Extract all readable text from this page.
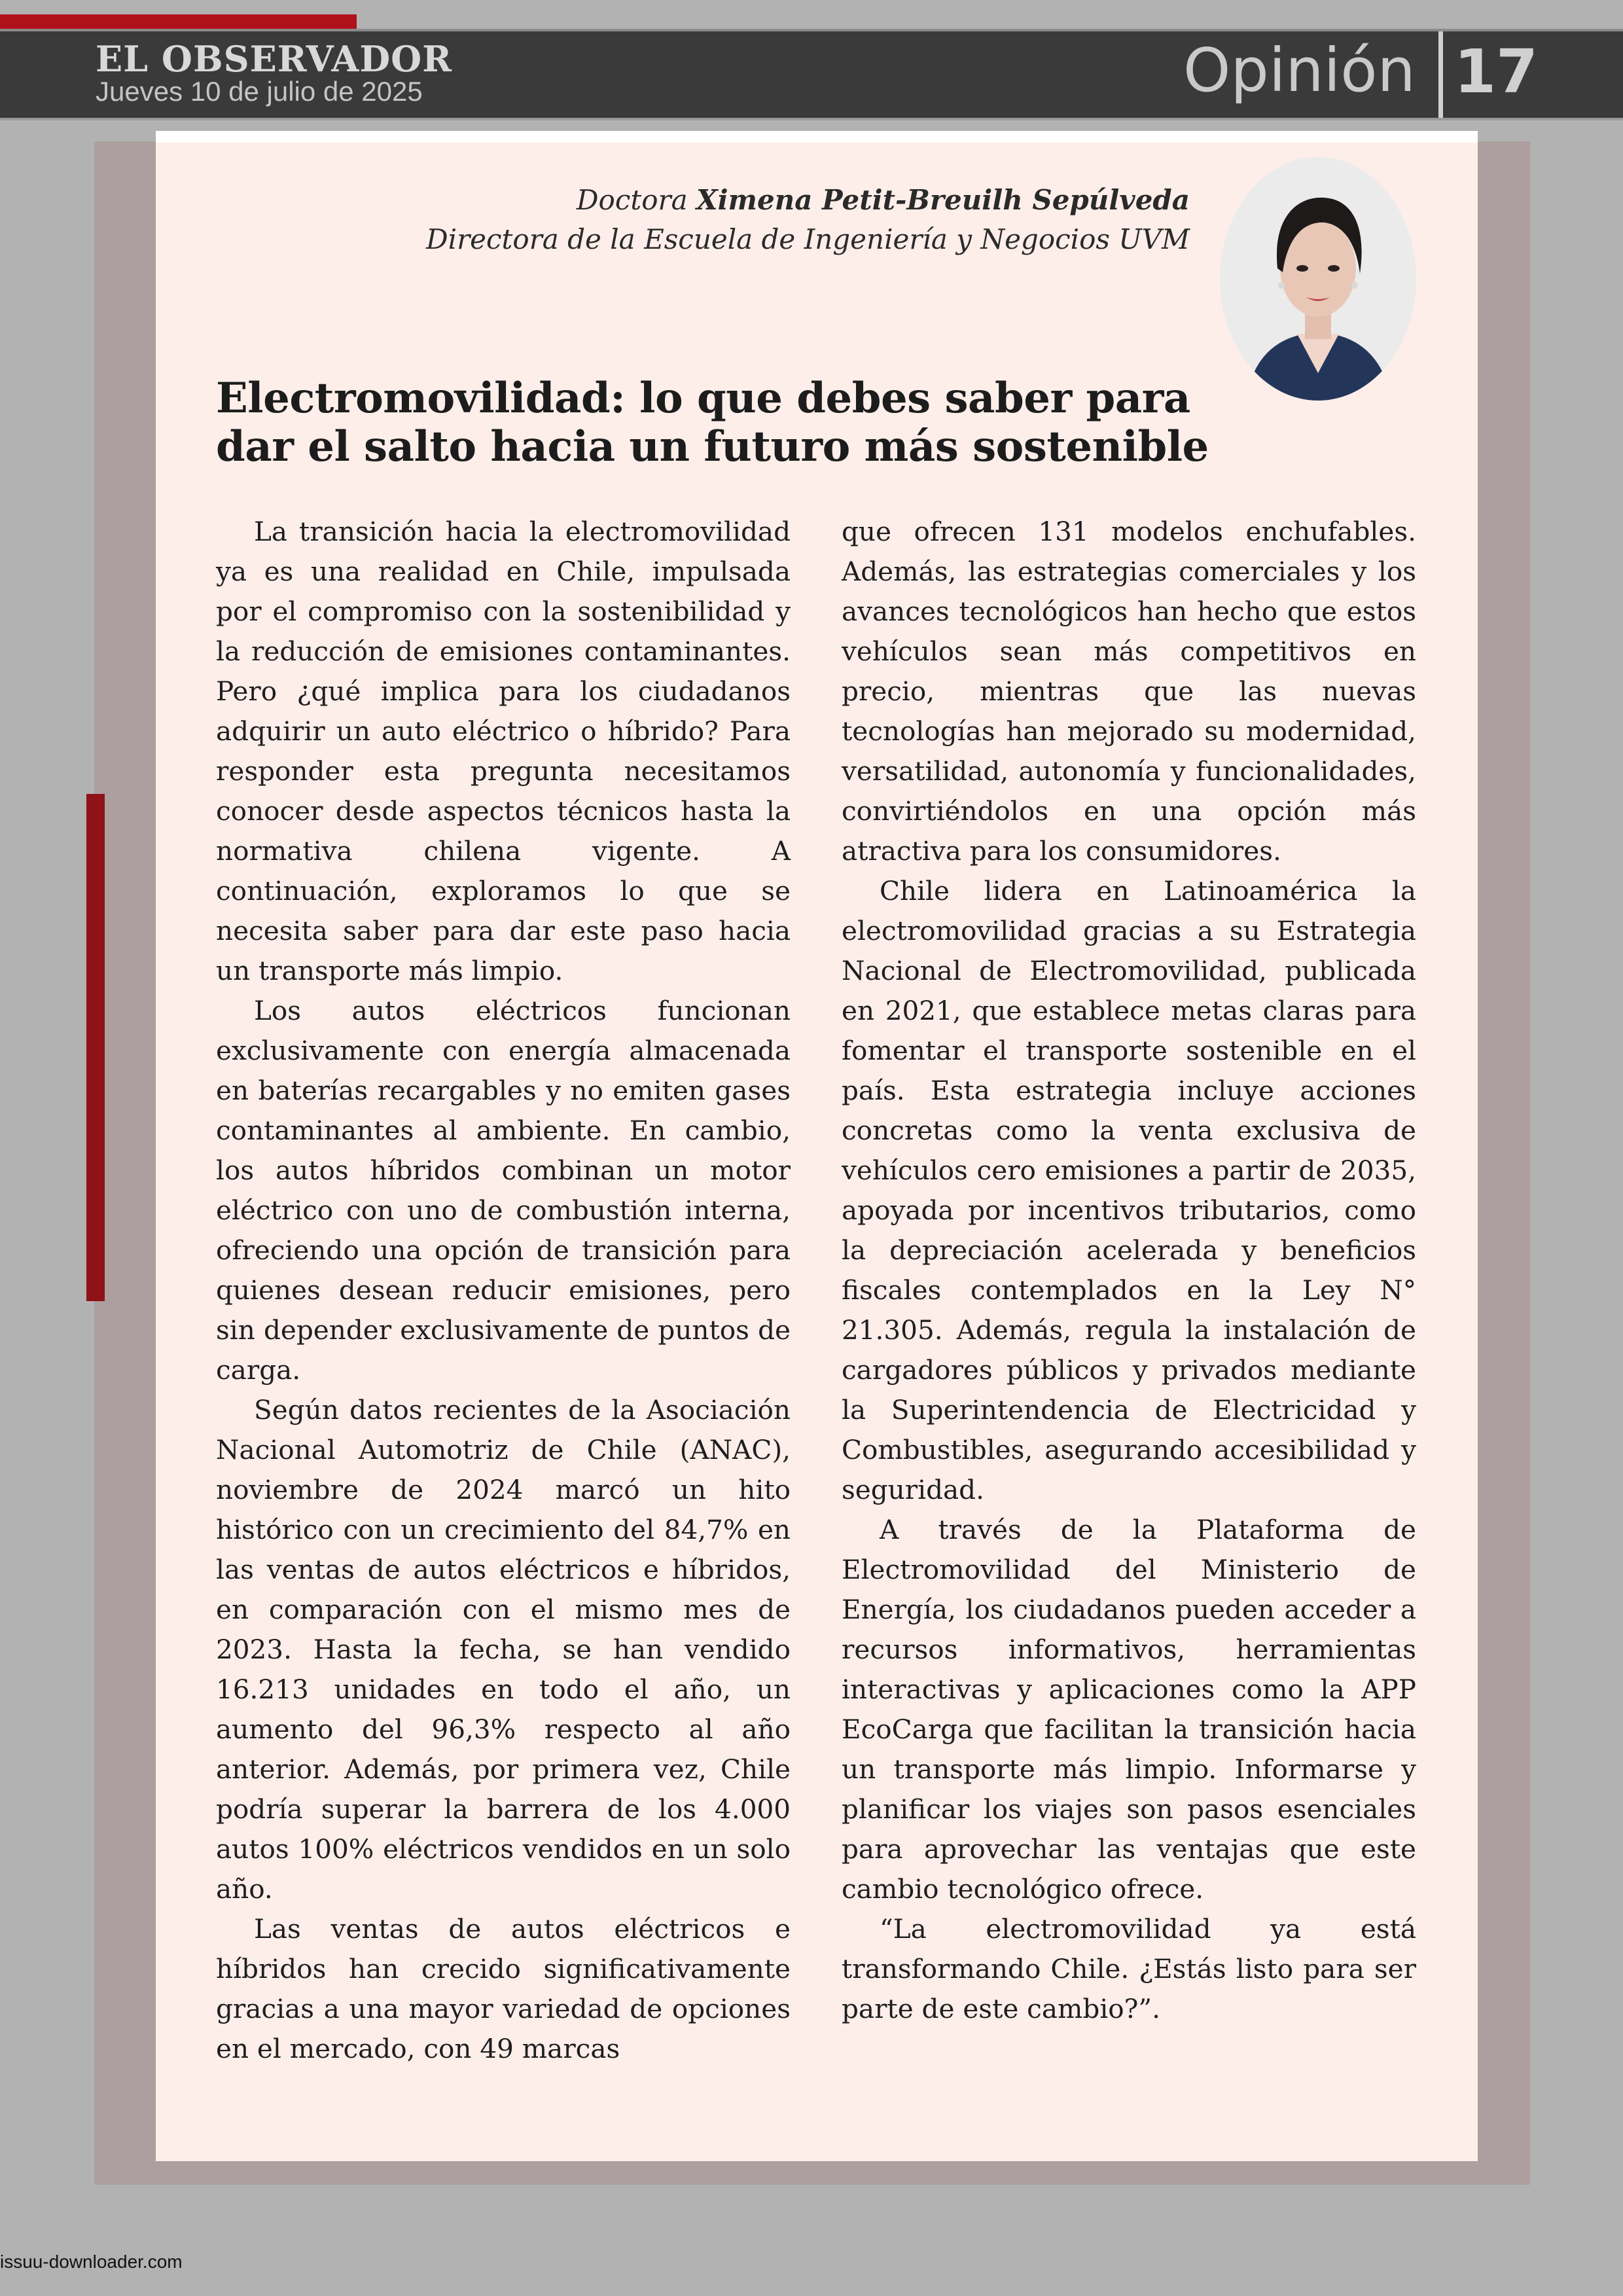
EL OBSERVADOR
Jueves 10 de julio de 2025	Opinión 17
Doctora Ximena Petit-Breuilh Sepúlveda
Directora de la Escuela de Ingeniería y Negocios UVM
Electromovilidad: lo que debes saber para
dar el salto hacia un futuro más sostenible

La transición hacia la electromovilidad ya es una realidad en Chile, impulsada por el compromiso con la sostenibilidad y la reducción de emisiones contaminantes. Pero ¿qué implica para los ciudadanos adquirir un auto eléctrico o híbrido? Para responder esta pregunta necesitamos conocer desde aspectos técnicos hasta la normativa chilena vigente. A continuación, exploramos lo que se necesita saber para dar este paso hacia un transporte más limpio.

Los autos eléctricos funcionan exclusivamente con energía almacenada en baterías recargables y no emiten gases contaminantes al ambiente. En cambio, los autos híbridos combinan un motor eléctrico con uno de combustión interna, ofreciendo una opción de transición para quienes desean reducir emisiones, pero sin depender exclusivamente de puntos de carga.

Según datos recientes de la Asociación Nacional Automotriz de Chile (ANAC), noviembre de 2024 marcó un hito histórico con un crecimiento del 84,7% en las ventas de autos eléctricos e híbridos, en comparación con el mismo mes de 2023. Hasta la fecha, se han vendido 16.213 unidades en todo el año, un aumento del 96,3% respecto al año anterior. Además, por primera vez, Chile podría superar la barrera de los 4.000 autos 100% eléctricos vendidos en un solo año.

Las ventas de autos eléctricos e híbridos han crecido significativamente gracias a una mayor variedad de opciones en el mercado, con 49 marcas

que ofrecen 131 modelos enchufables. Además, las estrategias comerciales y los avances tecnológicos han hecho que estos vehículos sean más competitivos en precio, mientras que las nuevas tecnologías han mejorado su modernidad, versatilidad, autonomía y funcionalidades, convirtiéndolos en una opción más atractiva para los consumidores.

Chile lidera en Latinoamérica la electromovilidad gracias a su Estrategia Nacional de Electromovilidad, publicada en 2021, que establece metas claras para fomentar el transporte sostenible en el país. Esta estrategia incluye acciones concretas como la venta exclusiva de vehículos cero emisiones a partir de 2035, apoyada por incentivos tributarios, como la depreciación acelerada y beneficios fiscales contemplados en la Ley N° 21.305. Además, regula la instalación de cargadores públicos y privados mediante la Superintendencia de Electricidad y Combustibles, asegurando accesibilidad y seguridad.

A través de la Plataforma de Electromovilidad del Ministerio de Energía, los ciudadanos pueden acceder a recursos informativos, herramientas interactivas y aplicaciones como la APP EcoCarga que facilitan la transición hacia un transporte más limpio. Informarse y planificar los viajes son pasos esenciales para aprovechar las ventajas que este cambio tecnológico ofrece.

“La electromovilidad ya está transformando Chile. ¿Estás listo para ser parte de este cambio?”.

issuu-downloader.com
